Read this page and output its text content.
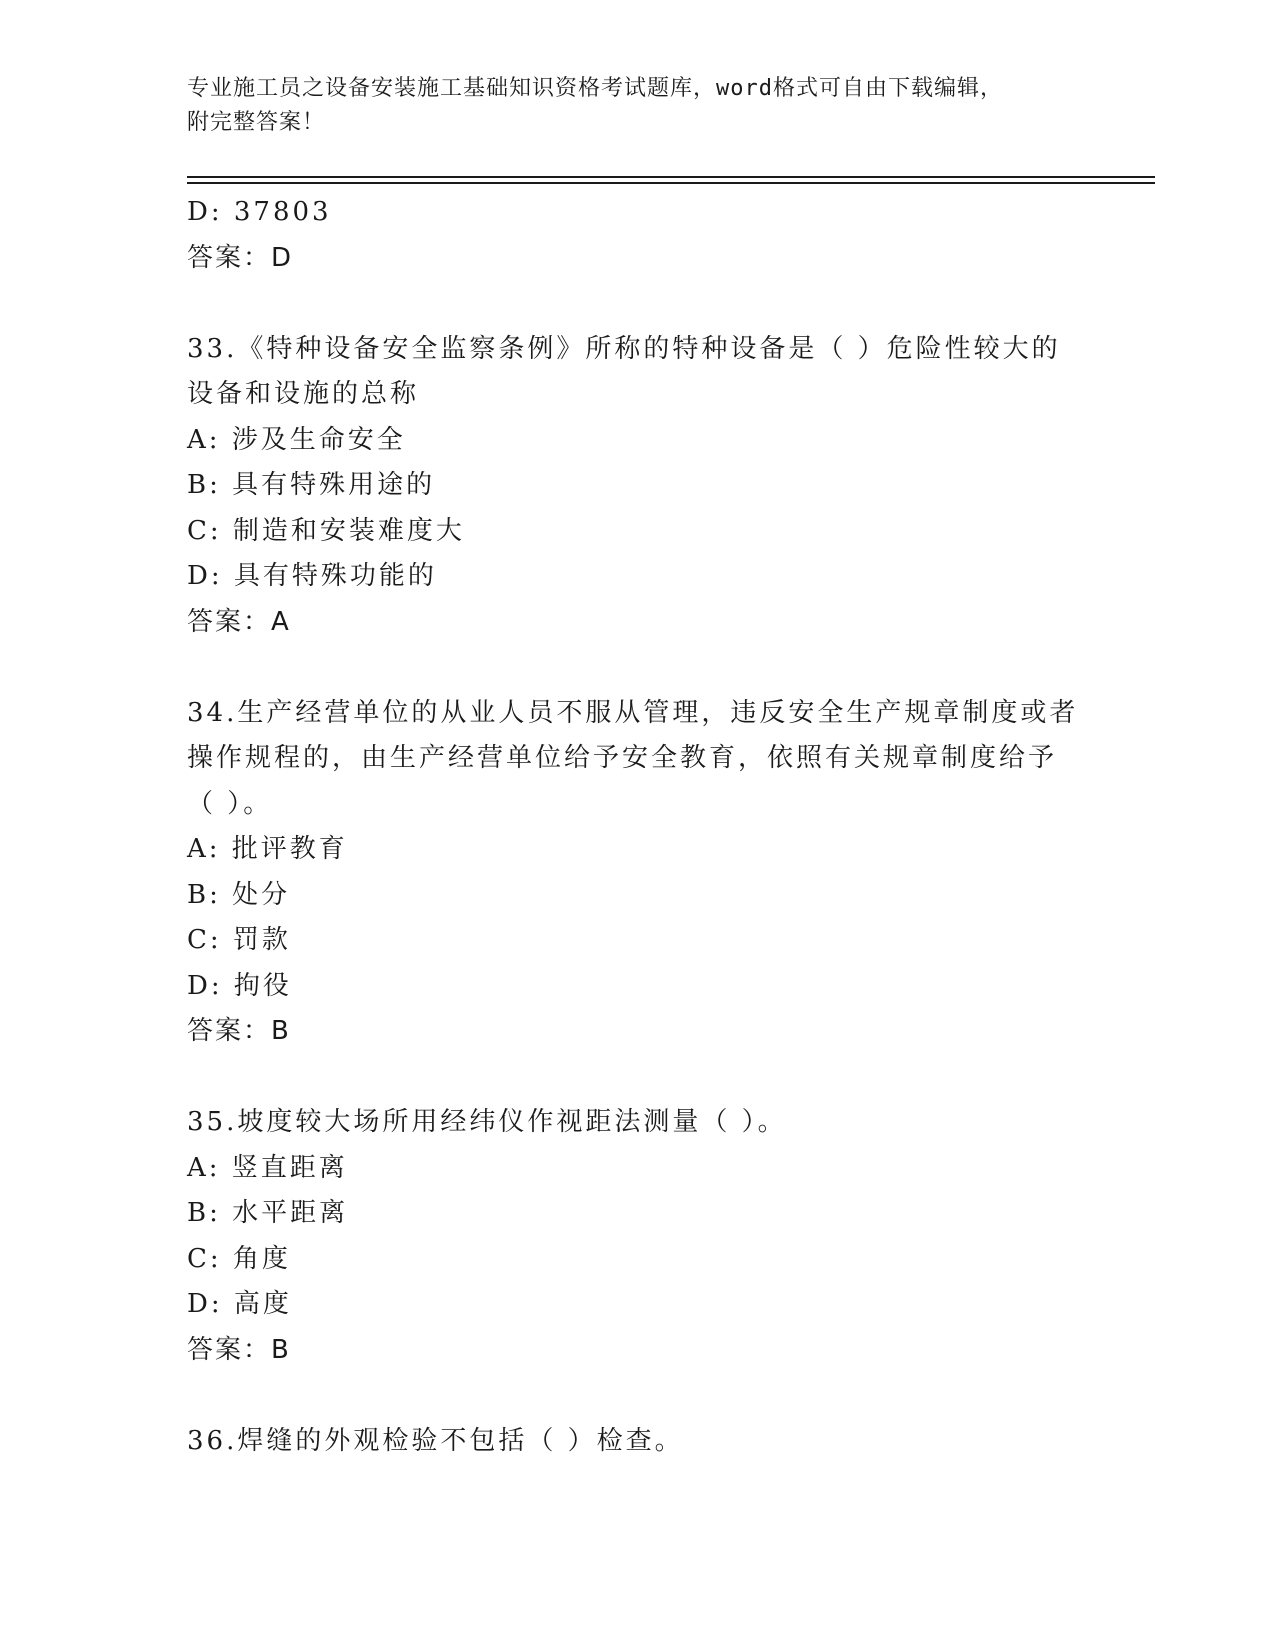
专业施工员之设备安装施工基础知识资格考试题库，word格式可自由下载编辑，
附完整答案！
D: 37803
答案：D
33.《特种设备安全监察条例》所称的特种设备是（ ）危险性较大的
设备和设施的总称
A: 涉及生命安全
B: 具有特殊用途的
C: 制造和安装难度大
D: 具有特殊功能的
答案：A
34.生产经营单位的从业人员不服从管理，违反安全生产规章制度或者
操作规程的，由生产经营单位给予安全教育，依照有关规章制度给予
（ ）。
A: 批评教育
B: 处分
C: 罚款
D: 拘役
答案：B
35.坡度较大场所用经纬仪作视距法测量（ ）。
A: 竖直距离
B: 水平距离
C: 角度
D: 高度
答案：B
36.焊缝的外观检验不包括（ ）检查。
